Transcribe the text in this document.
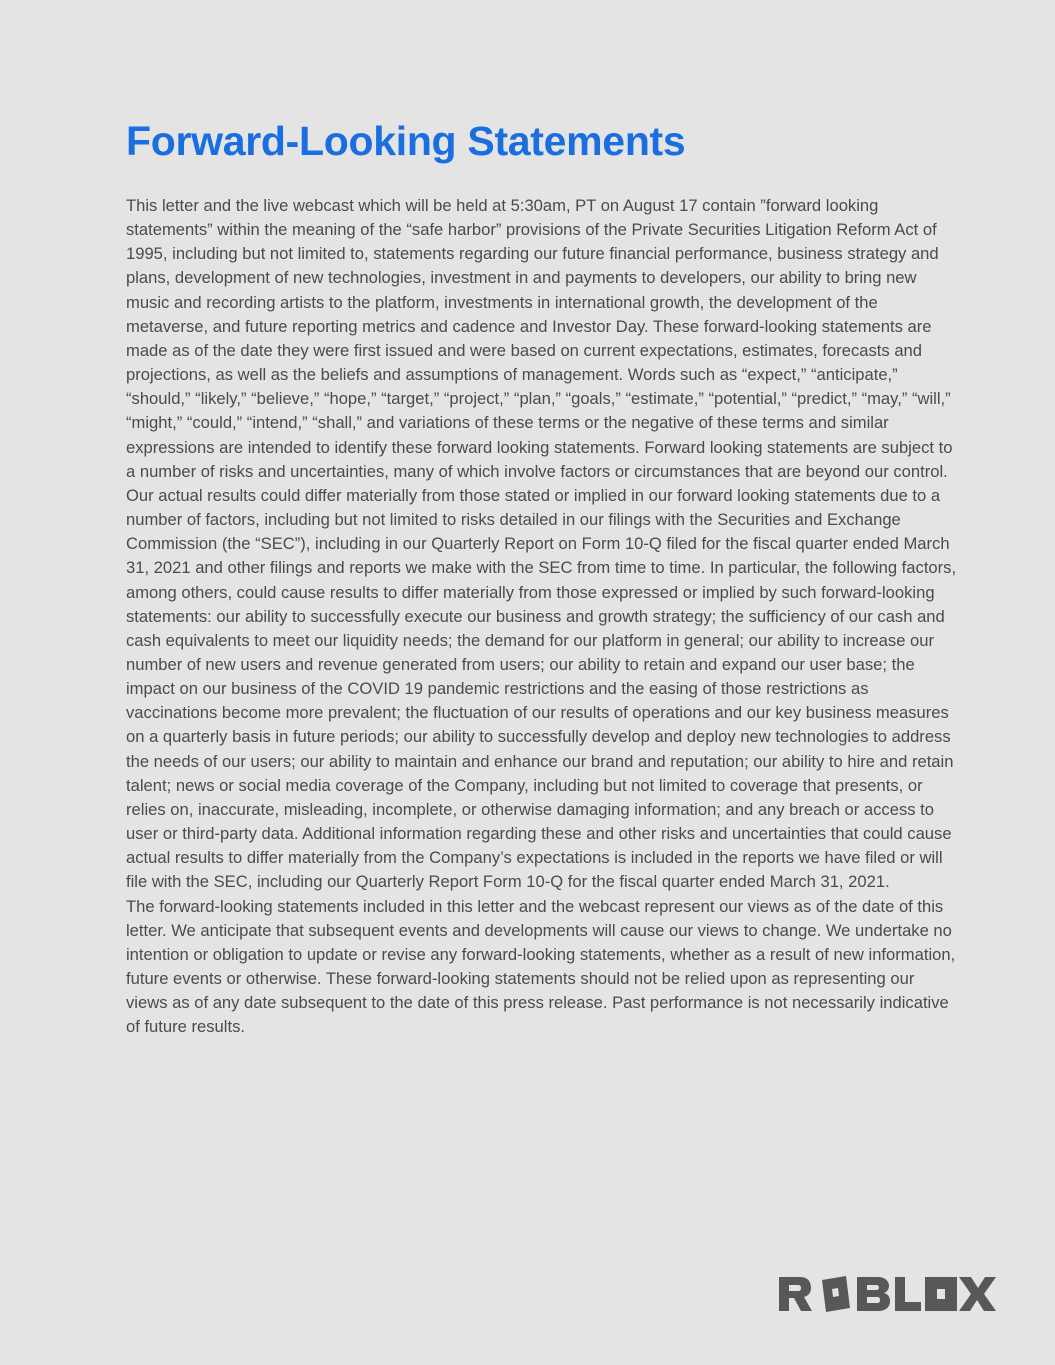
Forward-Looking Statements

This letter and the live webcast which will be held at 5:30am, PT on August 17 contain ”forward looking statements” within the meaning of the “safe harbor” provisions of the Private Securities Litigation Reform Act of 1995, including but not limited to, statements regarding our future financial performance, business strategy and plans, development of new technologies, investment in and payments to developers, our ability to bring new music and recording artists to the platform, investments in international growth, the development of the metaverse, and future reporting metrics and cadence and Investor Day. These forward-looking statements are made as of the date they were first issued and were based on current expectations, estimates, forecasts and projections, as well as the beliefs and assumptions of management. Words such as “expect,” “anticipate,” “should,” “likely,” “believe,” “hope,” “target,” “project,” “plan,” “goals,” “estimate,” “potential,” “predict,” “may,” “will,” “might,” “could,” “intend,” “shall,” and variations of these terms or the negative of these terms and similar expressions are intended to identify these forward looking statements. Forward looking statements are subject to a number of risks and uncertainties, many of which involve factors or circumstances that are beyond our control. Our actual results could differ materially from those stated or implied in our forward looking statements due to a number of factors, including but not limited to risks detailed in our filings with the Securities and Exchange Commission (the “SEC”), including in our Quarterly Report on Form 10-Q filed for the fiscal quarter ended March 31, 2021 and other filings and reports we make with the SEC from time to time. In particular, the following factors, among others, could cause results to differ materially from those expressed or implied by such forward-looking statements: our ability to successfully execute our business and growth strategy; the sufficiency of our cash and cash equivalents to meet our liquidity needs; the demand for our platform in general; our ability to increase our number of new users and revenue generated from users; our ability to retain and expand our user base; the impact on our business of the COVID 19 pandemic restrictions and the easing of those restrictions as vaccinations become more prevalent; the fluctuation of our results of operations and our key business measures on a quarterly basis in future periods; our ability to successfully develop and deploy new technologies to address the needs of our users; our ability to maintain and enhance our brand and reputation; our ability to hire and retain talent; news or social media coverage of the Company, including but not limited to coverage that presents, or relies on, inaccurate, misleading, incomplete, or otherwise damaging information; and any breach or access to user or third-party data. Additional information regarding these and other risks and uncertainties that could cause actual results to differ materially from the Company’s expectations is included in the reports we have filed or will file with the SEC, including our Quarterly Report Form 10-Q for the fiscal quarter ended March 31, 2021.

The forward-looking statements included in this letter and the webcast represent our views as of the date of this letter. We anticipate that subsequent events and developments will cause our views to change. We undertake no intention or obligation to update or revise any forward-looking statements, whether as a result of new information, future events or otherwise. These forward-looking statements should not be relied upon as representing our views as of any date subsequent to the date of this press release. Past performance is not necessarily indicative of future results.
